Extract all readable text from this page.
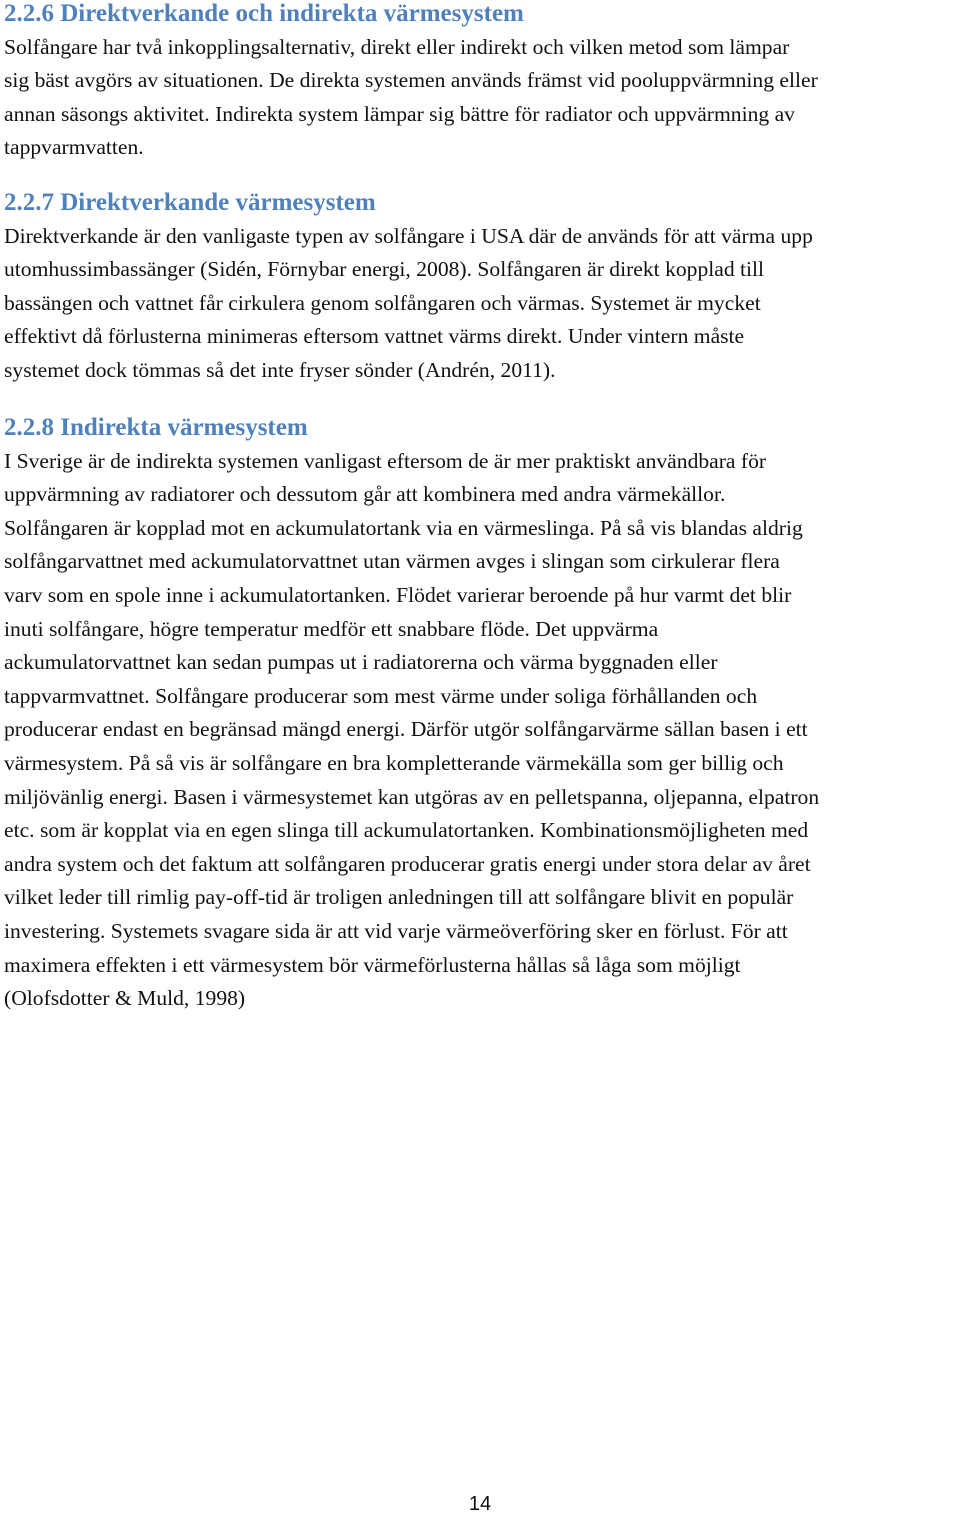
2.2.6 Direktverkande och indirekta värmesystem

Solfångare har två inkopplingsalternativ, direkt eller indirekt och vilken metod som lämpar
sig bäst avgörs av situationen. De direkta systemen används främst vid pooluppvärmning eller
annan säsongs aktivitet. Indirekta system lämpar sig bättre för radiator och uppvärmning av
tappvarmvatten.

2.2.7 Direktverkande värmesystem

Direktverkande är den vanligaste typen av solfångare i USA där de används för att värma upp
utomhussimbassänger (Sidén, Förnybar energi, 2008). Solfångaren är direkt kopplad till
bassängen och vattnet får cirkulera genom solfångaren och värmas. Systemet är mycket
effektivt då förlusterna minimeras eftersom vattnet värms direkt. Under vintern måste
systemet dock tömmas så det inte fryser sönder (Andrén, 2011).

2.2.8 Indirekta värmesystem

I Sverige är de indirekta systemen vanligast eftersom de är mer praktiskt användbara för
uppvärmning av radiatorer och dessutom går att kombinera med andra värmekällor.
Solfångaren är kopplad mot en ackumulatortank via en värmeslinga. På så vis blandas aldrig
solfångarvattnet med ackumulatorvattnet utan värmen avges i slingan som cirkulerar flera
varv som en spole inne i ackumulatortanken. Flödet varierar beroende på hur varmt det blir
inuti solfångare, högre temperatur medför ett snabbare flöde. Det uppvärma
ackumulatorvattnet kan sedan pumpas ut i radiatorerna och värma byggnaden eller
tappvarmvattnet. Solfångare producerar som mest värme under soliga förhållanden och
producerar endast en begränsad mängd energi. Därför utgör solfångarvärme sällan basen i ett
värmesystem. På så vis är solfångare en bra kompletterande värmekälla som ger billig och
miljövänlig energi. Basen i värmesystemet kan utgöras av en pelletspanna, oljepanna, elpatron
etc. som är kopplat via en egen slinga till ackumulatortanken. Kombinationsmöjligheten med
andra system och det faktum att solfångaren producerar gratis energi under stora delar av året
vilket leder till rimlig pay-off-tid är troligen anledningen till att solfångare blivit en populär
investering. Systemets svagare sida är att vid varje värmeöverföring sker en förlust. För att
maximera effekten i ett värmesystem bör värmeförlusterna hållas så låga som möjligt
(Olofsdotter & Muld, 1998)

14
